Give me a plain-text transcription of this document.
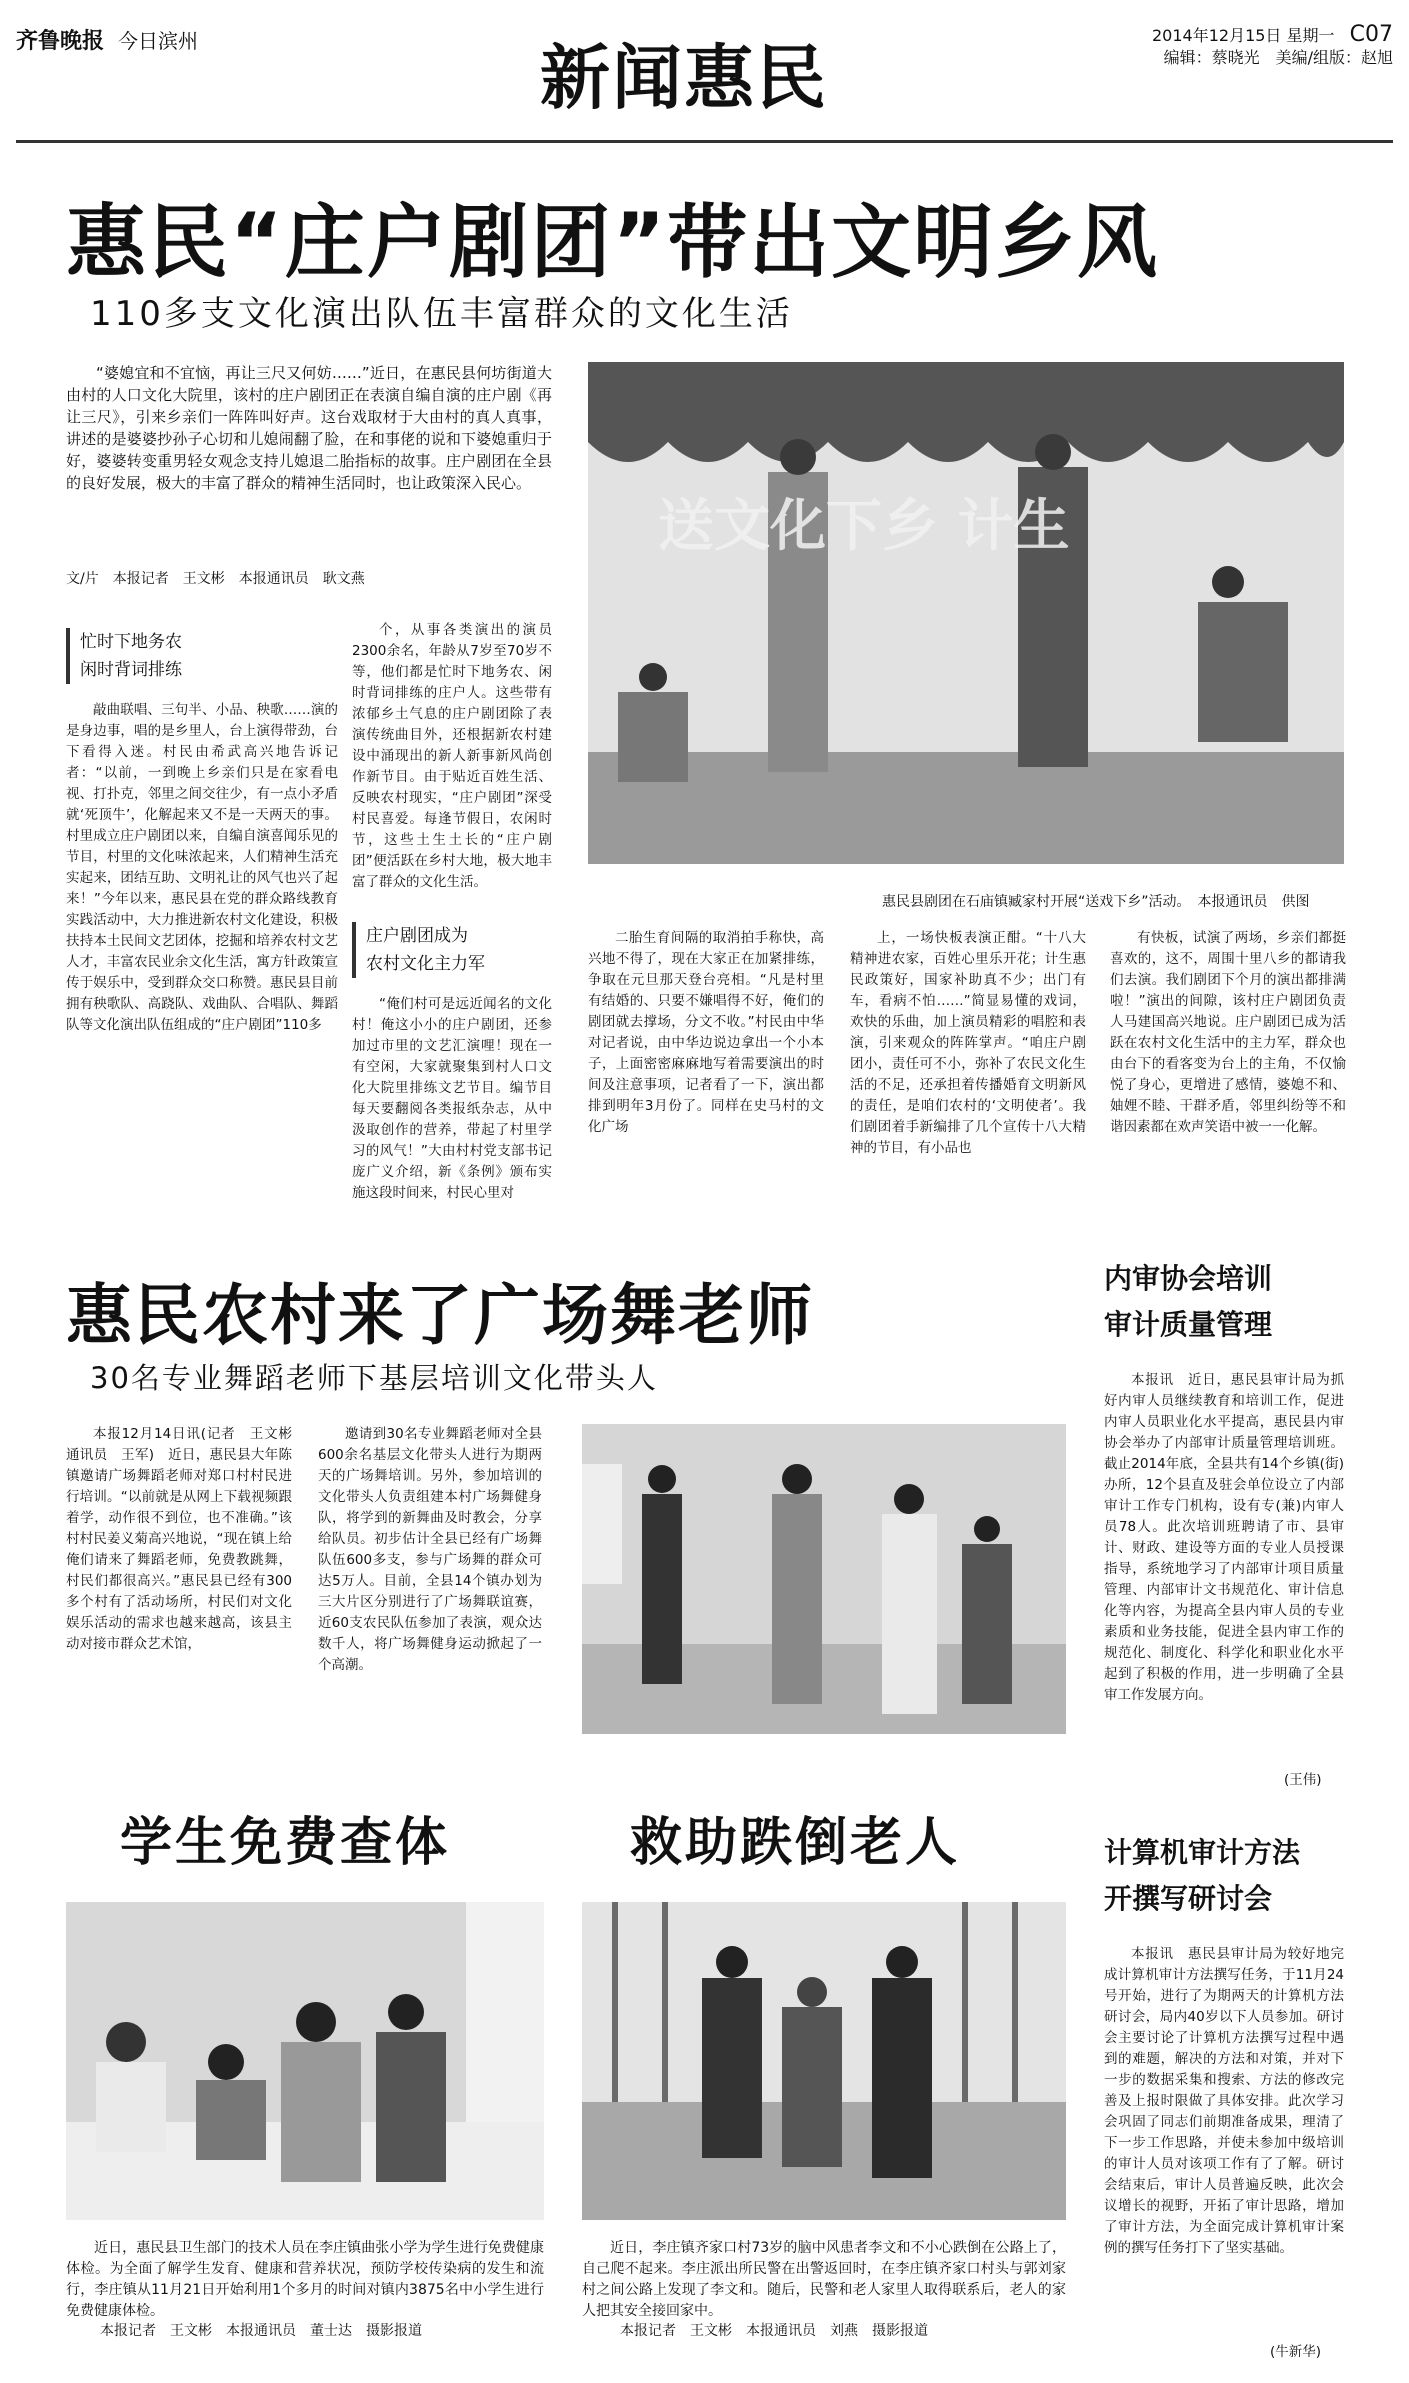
齐鲁晚报 今日滨州	新闻惠民
2014年12月15日 星期一 C07
编辑：蔡晓光　美编/组版：赵旭
惠民“庄户剧团”带出文明乡风
110多支文化演出队伍丰富群众的文化生活

“婆媳宜和不宜恼，再让三尺又何妨……”近日，在惠民县何坊街道大由村的人口文化大院里，该村的庄户剧团正在表演自编自演的庄户剧《再让三尺》，引来乡亲们一阵阵叫好声。这台戏取材于大由村的真人真事，讲述的是婆婆抄孙子心切和儿媳闹翻了脸，在和事佬的说和下婆媳重归于好，婆婆转变重男轻女观念支持儿媳退二胎指标的故事。庄户剧团在全县的良好发展，极大的丰富了群众的精神生活同时，也让政策深入民心。

文/片　本报记者　王文彬　本报通讯员　耿文燕
忙时下地务农
闲时背词排练

敲曲联唱、三句半、小品、秧歌……演的是身边事，唱的是乡里人，台上演得带劲，台下看得入迷。村民由希武高兴地告诉记者：“以前，一到晚上乡亲们只是在家看电视、打扑克，邻里之间交往少，有一点小矛盾就‘死顶牛’，化解起来又不是一天两天的事。村里成立庄户剧团以来，自编自演喜闻乐见的节目，村里的文化味浓起来，人们精神生活充实起来，团结互助、文明礼让的风气也兴了起来！”今年以来，惠民县在党的群众路线教育实践活动中，大力推进新农村文化建设，积极扶持本土民间文艺团体，挖掘和培养农村文艺人才，丰富农民业余文化生活，寓方针政策宣传于娱乐中，受到群众交口称赞。惠民县目前拥有秧歌队、高跷队、戏曲队、合唱队、舞蹈队等文化演出队伍组成的“庄户剧团”110多

个，从事各类演出的演员2300余名，年龄从7岁至70岁不等，他们都是忙时下地务农、闲时背词排练的庄户人。这些带有浓郁乡土气息的庄户剧团除了表演传统曲目外，还根据新农村建设中涌现出的新人新事新风尚创作新节目。由于贴近百姓生活、反映农村现实，“庄户剧团”深受村民喜爱。每逢节假日，农闲时节，这些土生土长的“庄户剧团”便活跃在乡村大地，极大地丰富了群众的文化生活。

庄户剧团成为
农村文化主力军

“俺们村可是远近闻名的文化村！俺这小小的庄户剧团，还参加过市里的文艺汇演哩！现在一有空闲，大家就聚集到村人口文化大院里排练文艺节目。编节目每天要翻阅各类报纸杂志，从中汲取创作的营养，带起了村里学习的风气！”大由村村党支部书记庞广义介绍，新《条例》颁布实施这段时间来，村民心里对

送文化下乡 计生
惠民县剧团在石庙镇臧家村开展“送戏下乡”活动。　本报通讯员　供图

二胎生育间隔的取消拍手称快，高兴地不得了，现在大家正在加紧排练，争取在元旦那天登台亮相。“凡是村里有结婚的、只要不嫌唱得不好，俺们的剧团就去撑场，分文不收。”村民由中华对记者说，由中华边说边拿出一个小本子，上面密密麻麻地写着需要演出的时间及注意事项，记者看了一下，演出都排到明年3月份了。同样在史马村的文化广场

上，一场快板表演正酣。“十八大精神进农家，百姓心里乐开花；计生惠民政策好，国家补助真不少；出门有车，看病不怕……”简显易懂的戏词，欢快的乐曲，加上演员精彩的唱腔和表演，引来观众的阵阵掌声。“咱庄户剧团小，责任可不小，弥补了农民文化生活的不足，还承担着传播婚育文明新风的责任，是咱们农村的‘文明使者’。我们剧团着手新编排了几个宣传十八大精神的节目，有小品也

有快板，试演了两场，乡亲们都挺喜欢的，这不，周围十里八乡的都请我们去演。我们剧团下个月的演出都排满啦！”演出的间隙，该村庄户剧团负责人马建国高兴地说。庄户剧团已成为活跃在农村文化生活中的主力军，群众也由台下的看客变为台上的主角，不仅愉悦了身心，更增进了感情，婆媳不和、妯娌不睦、干群矛盾，邻里纠纷等不和谐因素都在欢声笑语中被一一化解。

惠民农村来了广场舞老师
30名专业舞蹈老师下基层培训文化带头人

本报12月14日讯(记者　王文彬　通讯员　王军)　近日，惠民县大年陈镇邀请广场舞蹈老师对郑口村村民进行培训。“以前就是从网上下载视频跟着学，动作很不到位，也不准确。”该村村民姜义菊高兴地说，“现在镇上给俺们请来了舞蹈老师，免费教跳舞，村民们都很高兴。”惠民县已经有300多个村有了活动场所，村民们对文化娱乐活动的需求也越来越高，该县主动对接市群众艺术馆，

邀请到30名专业舞蹈老师对全县600余名基层文化带头人进行为期两天的广场舞培训。另外，参加培训的文化带头人负责组建本村广场舞健身队，将学到的新舞曲及时教会，分享给队员。初步估计全县已经有广场舞队伍600多支，参与广场舞的群众可达5万人。目前，全县14个镇办划为三大片区分别进行了广场舞联谊赛，近60支农民队伍参加了表演，观众达数千人，将广场舞健身运动掀起了一个高潮。

内审协会培训
审计质量管理

本报讯　近日，惠民县审计局为抓好内审人员继续教育和培训工作，促进内审人员职业化水平提高，惠民县内审协会举办了内部审计质量管理培训班。截止2014年底，全县共有14个乡镇(街)办所，12个县直及驻会单位设立了内部审计工作专门机构，设有专(兼)内审人员78人。此次培训班聘请了市、县审计、财政、建设等方面的专业人员授课指导，系统地学习了内部审计项目质量管理、内部审计文书规范化、审计信息化等内容，为提高全县内审人员的专业素质和业务技能，促进全县内审工作的规范化、制度化、科学化和职业化水平起到了积极的作用，进一步明确了全县审工作发展方向。

(王伟)
学生免费查体

近日，惠民县卫生部门的技术人员在李庄镇曲张小学为学生进行免费健康体检。为全面了解学生发育、健康和营养状况，预防学校传染病的发生和流行，李庄镇从11月21日开始利用1个多月的时间对镇内3875名中小学生进行免费健康体检。

本报记者　王文彬　本报通讯员　董士达　摄影报道
救助跌倒老人

近日，李庄镇齐家口村73岁的脑中风患者李文和不小心跌倒在公路上了，自己爬不起来。李庄派出所民警在出警返回时，在李庄镇齐家口村头与郭刘家村之间公路上发现了李文和。随后，民警和老人家里人取得联系后，老人的家人把其安全接回家中。

本报记者　王文彬　本报通讯员　刘燕　摄影报道
计算机审计方法
开撰写研讨会

本报讯　惠民县审计局为较好地完成计算机审计方法撰写任务，于11月24号开始，进行了为期两天的计算机方法研讨会，局内40岁以下人员参加。研讨会主要讨论了计算机方法撰写过程中遇到的难题，解决的方法和对策，并对下一步的数据采集和搜索、方法的修改完善及上报时限做了具体安排。此次学习会巩固了同志们前期准备成果，理清了下一步工作思路，并使未参加中级培训的审计人员对该项工作有了了解。研讨会结束后，审计人员普遍反映，此次会议增长的视野，开拓了审计思路，增加了审计方法，为全面完成计算机审计案例的撰写任务打下了坚实基础。

(牛新华)
